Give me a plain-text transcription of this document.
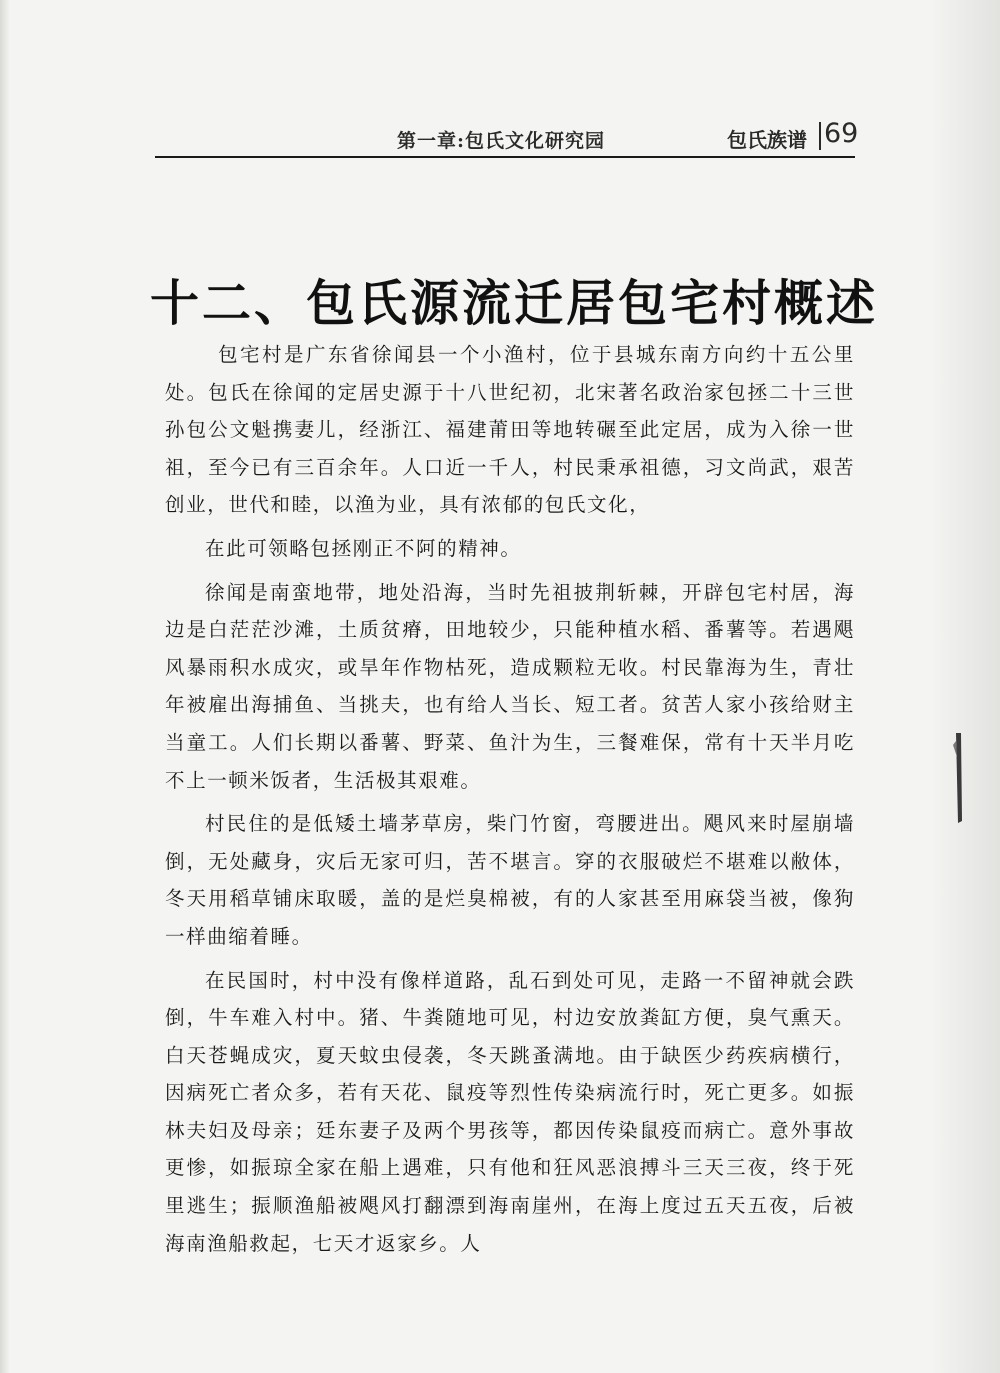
第一章:包氏文化研究园	包氏族谱 69
十二、包氏源流迁居包宅村概述

包宅村是广东省徐闻县一个小渔村，位于县城东南方向约十五公里处。包氏在徐闻的定居史源于十八世纪初，北宋著名政治家包拯二十三世孙包公文魁携妻儿，经浙江、福建莆田等地转碾至此定居，成为入徐一世祖，至今已有三百余年。人口近一千人，村民秉承祖德，习文尚武，艰苦创业，世代和睦，以渔为业，具有浓郁的包氏文化，

在此可领略包拯刚正不阿的精神。

徐闻是南蛮地带，地处沿海，当时先祖披荆斩棘，开辟包宅村居，海边是白茫茫沙滩，土质贫瘠，田地较少，只能种植水稻、番薯等。若遇飓风暴雨积水成灾，或旱年作物枯死，造成颗粒无收。村民靠海为生，青壮年被雇出海捕鱼、当挑夫，也有给人当长、短工者。贫苦人家小孩给财主当童工。人们长期以番薯、野菜、鱼汁为生，三餐难保，常有十天半月吃不上一顿米饭者，生活极其艰难。

村民住的是低矮土墙茅草房，柴门竹窗，弯腰进出。飓风来时屋崩墙倒，无处藏身，灾后无家可归，苦不堪言。穿的衣服破烂不堪难以敝体，冬天用稻草铺床取暖，盖的是烂臭棉被，有的人家甚至用麻袋当被，像狗一样曲缩着睡。

在民国时，村中没有像样道路，乱石到处可见，走路一不留神就会跌倒，牛车难入村中。猪、牛粪随地可见，村边安放粪缸方便，臭气熏天。白天苍蝇成灾，夏天蚊虫侵袭，冬天跳蚤满地。由于缺医少药疾病横行，因病死亡者众多，若有天花、鼠疫等烈性传染病流行时，死亡更多。如振林夫妇及母亲；廷东妻子及两个男孩等，都因传染鼠疫而病亡。意外事故更惨，如振琼全家在船上遇难，只有他和狂风恶浪搏斗三天三夜，终于死里逃生；振顺渔船被飓风打翻漂到海南崖州，在海上度过五天五夜，后被海南渔船救起，七天才返家乡。人
